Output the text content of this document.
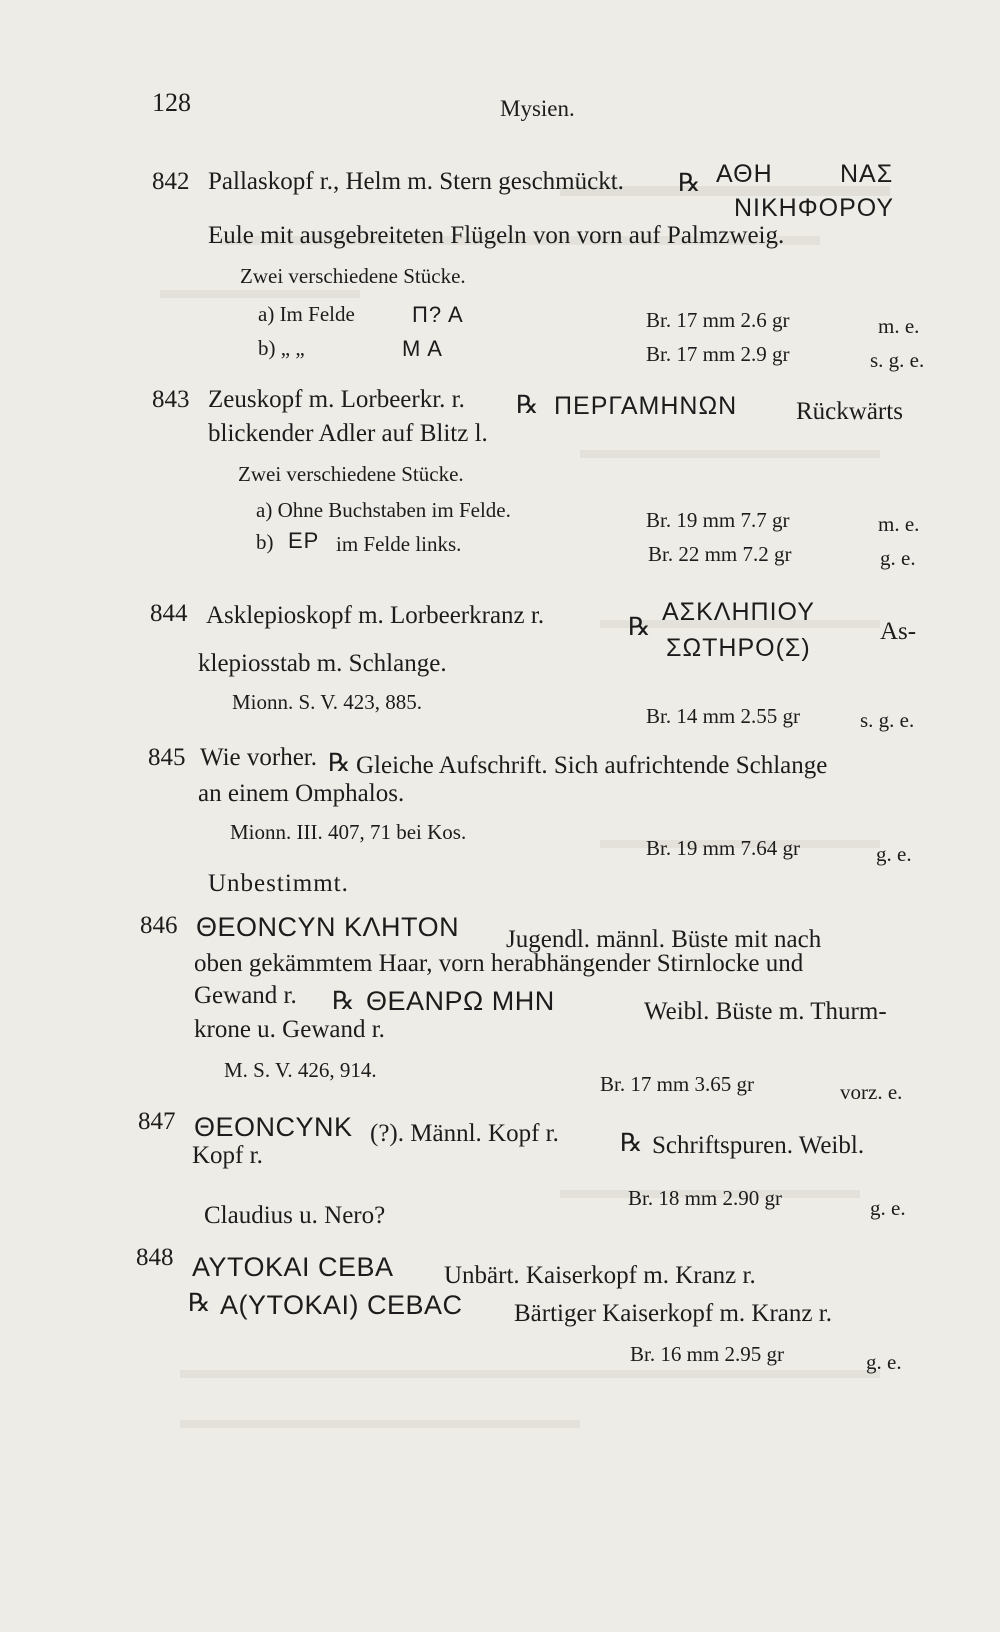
128	Mysien.
842 Pallaskopf r., Helm m. Stern geschmückt. ℞ ΑΘΗ	ΝΑΣ
ΝΙΚΗΦΟΡΟΥ
Eule mit ausgebreiteten Flügeln von vorn auf Palmzweig.
Zwei verschiedene Stücke.
a) Im Felde	Π? Α	Br. 17 mm 2.6 gr	m. e.
b) „ „	Μ Α	Br. 17 mm 2.9 gr	s. g. e.
843 Zeuskopf m. Lorbeerkr. r. ℞ ΠΕΡΓΑΜΗΝΩΝ Rückwärts
blickender Adler auf Blitz l.
Zwei verschiedene Stücke.
a) Ohne Buchstaben im Felde.	Br. 19 mm 7.7 gr	m. e.
b) ΕΡ im Felde links.	Br. 22 mm 7.2 gr	g. e.
844 Asklepioskopf m. Lorbeerkranz r.	℞
ΑΣΚΛΗΠΙΟΥ
ΣΩΤΗΡΟ(Σ)
As-
klepiosstab m. Schlange.
Mionn. S. V. 423, 885.
Br. 14 mm 2.55 gr	s. g. e.
845 Wie vorher. ℞ Gleiche Aufschrift. Sich aufrichtende Schlange
an einem Omphalos.
Mionn. III. 407, 71 bei Kos.
Br. 19 mm 7.64 gr	g. e.
Unbestimmt.
846 ΘΕΟΝCΥΝ ΚΛΗΤΟΝ Jugendl. männl. Büste mit nach
oben gekämmtem Haar, vorn herabhängender Stirnlocke und
Gewand r. ℞ ΘΕΑΝΡΩ ΜΗΝ	Weibl. Büste m. Thurm-
krone u. Gewand r.
M. S. V. 426, 914.
Br. 17 mm 3.65 gr	vorz. e.
847 ΘΕΟΝCΥΝΚ (?). Männl. Kopf r. ℞ Schriftspuren. Weibl.
Kopf r.
Br. 18 mm 2.90 gr	g. e.
Claudius u. Nero?
848 ΑΥΤΟΚΑΙ CΕΒΑ Unbärt. Kaiserkopf m. Kranz r.
℞ Α(ΥΤΟΚΑΙ) CΕΒΑC Bärtiger Kaiserkopf m. Kranz r.
Br. 16 mm 2.95 gr	g. e.
